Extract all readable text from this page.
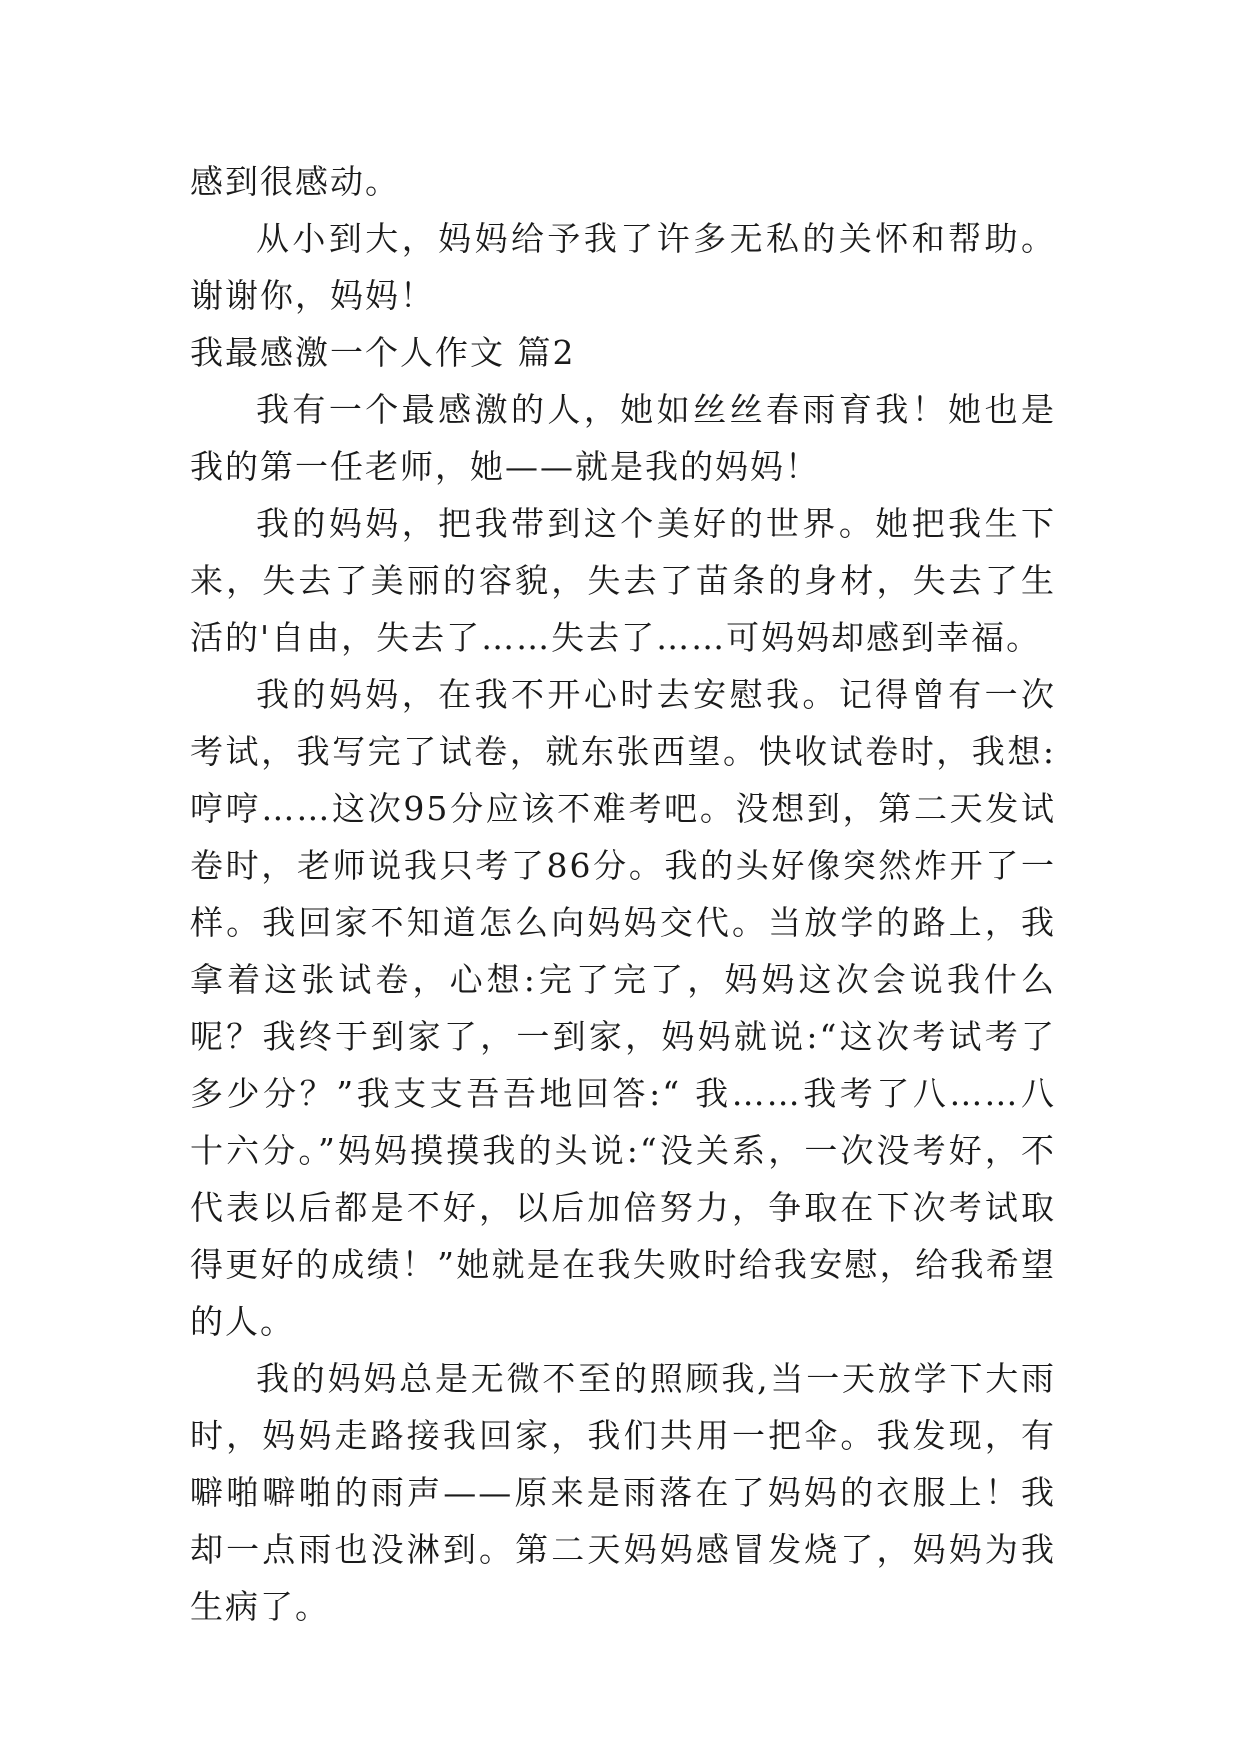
感到很感动。

从小到大，妈妈给予我了许多无私的关怀和帮助。谢谢你，妈妈！

我最感激一个人作文 篇2

我有一个最感激的人，她如丝丝春雨育我！她也是我的第一任老师，她——就是我的妈妈！

我的妈妈，把我带到这个美好的世界。她把我生下来，失去了美丽的容貌，失去了苗条的身材，失去了生活的'自由，失去了……失去了……可妈妈却感到幸福。

我的妈妈，在我不开心时去安慰我。记得曾有一次考试，我写完了试卷，就东张西望。快收试卷时，我想:哼哼……这次95分应该不难考吧。没想到，第二天发试卷时，老师说我只考了86分。我的头好像突然炸开了一样。我回家不知道怎么向妈妈交代。当放学的路上，我拿着这张试卷，心想:完了完了，妈妈这次会说我什么呢？我终于到家了，一到家，妈妈就说:“这次考试考了多少分？”我支支吾吾地回答:“ 我……我考了八……八十六分。”妈妈摸摸我的头说:“没关系，一次没考好，不代表以后都是不好，以后加倍努力，争取在下次考试取得更好的成绩！”她就是在我失败时给我安慰，给我希望的人。

我的妈妈总是无微不至的照顾我,当一天放学下大雨时，妈妈走路接我回家，我们共用一把伞。我发现，有噼啪噼啪的雨声——原来是雨落在了妈妈的衣服上！我却一点雨也没淋到。第二天妈妈感冒发烧了，妈妈为我生病了。
